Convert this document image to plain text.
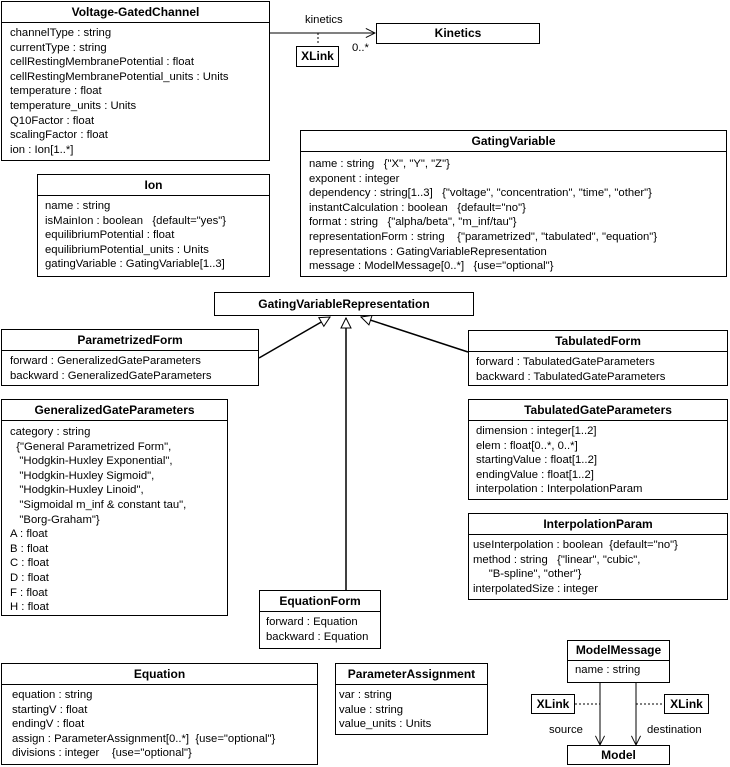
kinetics
0..*
source	destination
Voltage-GatedChannel
channelType : string
currentType : string
cellRestingMembranePotential : float
cellRestingMembranePotential_units : Units
temperature : float
temperature_units : Units
Q10Factor : float
scalingFactor : float
ion : Ion[1..*]
Kinetics
XLink
GatingVariable
name : string   {"X", "Y", "Z"}
exponent : integer
dependency : string[1..3]   {"voltage", "concentration", "time", "other"}
instantCalculation : boolean   {default="no"}
format : string   {"alpha/beta", "m_inf/tau"}
representationForm : string    {"parametrized", "tabulated", "equation"}
representations : GatingVariableRepresentation
message : ModelMessage[0..*]   {use="optional"}
Ion
name : string
isMainIon : boolean   {default="yes"}
equilibriumPotential : float
equilibriumPotential_units : Units
gatingVariable : GatingVariable[1..3]
GatingVariableRepresentation
ParametrizedForm
forward : GeneralizedGateParameters
backward : GeneralizedGateParameters
TabulatedForm
forward : TabulatedGateParameters
backward : TabulatedGateParameters
GeneralizedGateParameters
category : string
{"General Parametrized Form",
"Hodgkin-Huxley Exponential",
"Hodgkin-Huxley Sigmoid",
"Hodgkin-Huxley Linoid",
"Sigmoidal m_inf & constant tau",
"Borg-Graham"}
A : float
B : float
C : float
D : float
F : float
H : float
TabulatedGateParameters
dimension : integer[1..2]
elem : float[0..*, 0..*]
startingValue : float[1..2]
endingValue : float[1..2]
interpolation : InterpolationParam
InterpolationParam
useInterpolation : boolean  {default="no"}
method : string   {"linear", "cubic",
"B-spline", "other"}
interpolatedSize : integer
EquationForm
forward : Equation
backward : Equation
Equation
equation : string
startingV : float
endingV : float
assign : ParameterAssignment[0..*]  {use="optional"}
divisions : integer    {use="optional"}
ParameterAssignment
var : string
value : string
value_units : Units
ModelMessage
name : string
XLink	XLink
Model
